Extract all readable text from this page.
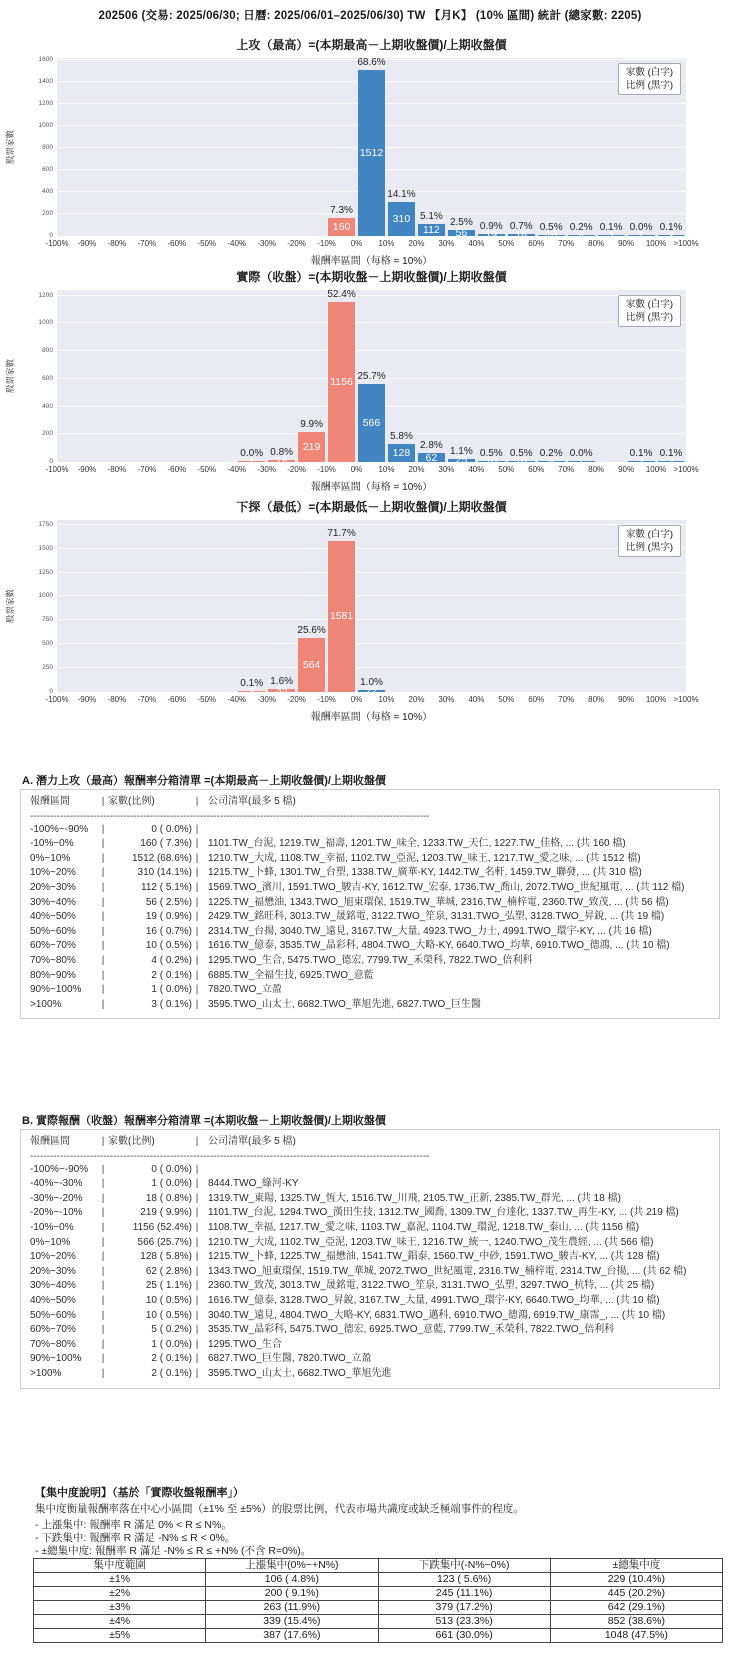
202506 (交易: 2025/06/30; 日曆: 2025/06/01–2025/06/30) TW 【月K】 (10% 區間) 統計 (總家數: 2205)
上攻（最高）=(本期最高－上期收盤價)/上期收盤價
股票家數
家數 (白字)
比例 (黑字)
0
200
400
600
800
1000
1200
1400
1600
160
7.3%
1512
68.6%
310
14.1%
112
5.1%
56
2.5%
19
0.9%
16
0.7%
10
0.5%
4
0.2%
2
0.1%
1
0.0%
3
0.1%
-100% -90% -80% -70% -60% -50% -40% -30% -20% -10% 0% 10% 20% 30% 40% 50% 60% 70% 80% 90% 100% >100%
報酬率區間（每格 = 10%）
實際（收盤）=(本期收盤－上期收盤價)/上期收盤價
股票家數
家數 (白字)
比例 (黑字)
0
200
400
600
800
1000
1200
1
0.0%
18
0.8% 219
9.9%
1156
52.4%
566
25.7%
128
5.8%
62
2.8%
25
1.1%
10
0.5%
10
0.5%
5
0.2%
1
0.0%
2
0.1%
2
0.1%
-100% -90% -80% -70% -60% -50% -40% -30% -20% -10% 0% 10% 20% 30% 40% 50% 60% 70% 80% 90% 100% >100%
報酬率區間（每格 = 10%）
下探（最低）=(本期最低－上期收盤價)/上期收盤價
股票家數
家數 (白字)
比例 (黑字)
0
250
500
750
1000
1250
1500
1750
3
0.1%
35
1.6%
564
25.6%
1581
71.7%
22
1.0%
-100% -90% -80% -70% -60% -50% -40% -30% -20% -10% 0% 10% 20% 30% 40% 50% 60% 70% 80% 90% 100% >100%
報酬率區間（每格 = 10%）
A. 潛力上攻（最高）報酬率分箱清單 =(本期最高－上期收盤價)/上期收盤價
報酬區間	| 家數(比例)	| 公司清單(最多 5 檔)
------------------------------------------------------------------------------------------------------------------------
-100%~-90%	|	0 ( 0.0%) |
-10%~0%	|	160 ( 7.3%) | 1101.TW_台泥, 1219.TW_福壽, 1201.TW_味全, 1233.TW_天仁, 1227.TW_佳格, ... (共 160 檔)
0%~10%	|	1512 (68.6%) | 1210.TW_大成, 1108.TW_幸福, 1102.TW_亞泥, 1203.TW_味王, 1217.TW_愛之味, ... (共 1512 檔)
10%~20%	|	310 (14.1%) | 1215.TW_卜蜂, 1301.TW_台塑, 1338.TW_廣華-KY, 1442.TW_名軒, 1459.TW_聯發, ... (共 310 檔)
20%~30%	|	112 ( 5.1%) | 1569.TWO_濱川, 1591.TWO_駿吉-KY, 1612.TW_宏泰, 1736.TW_喬山, 2072.TWO_世紀風電, ... (共 112 檔)
30%~40%	|	56 ( 2.5%) | 1225.TW_福懋油, 1343.TWO_旭東環保, 1519.TW_華城, 2316.TW_楠梓電, 2360.TW_致茂, ... (共 56 檔)
40%~50%	|	19 ( 0.9%) | 2429.TW_銘旺科, 3013.TW_晟銘電, 3122.TWO_笙泉, 3131.TWO_弘塑, 3128.TWO_昇銳, ... (共 19 檔)
50%~60%	|	16 ( 0.7%) | 2314.TW_台揚, 3040.TW_遠見, 3167.TW_大量, 4923.TWO_力士, 4991.TWO_環宇-KY, ... (共 16 檔)
60%~70%	|	10 ( 0.5%) | 1616.TW_億泰, 3535.TW_晶彩科, 4804.TWO_大略-KY, 6640.TWO_均華, 6910.TWO_德鴻, ... (共 10 檔)
70%~80%	|	4 ( 0.2%) | 1295.TWO_生合, 5475.TWO_德宏, 7799.TW_禾榮科, 7822.TWO_倍利科
80%~90%	|	2 ( 0.1%) | 6885.TW_全福生技, 6925.TWO_意藍
90%~100%	|	1 ( 0.0%) | 7820.TWO_立盈
>100%	|	3 ( 0.1%) | 3595.TWO_山太士, 6682.TWO_華旭先進, 6827.TWO_巨生醫
B. 實際報酬（收盤）報酬率分箱清單 =(本期收盤－上期收盤價)/上期收盤價
報酬區間	| 家數(比例)	| 公司清單(最多 5 檔)
------------------------------------------------------------------------------------------------------------------------
-100%~-90%	|	0 ( 0.0%) |
-40%~-30%	|	1 ( 0.0%) | 8444.TWO_綠河-KY
-30%~-20%	|	18 ( 0.8%) | 1319.TW_東陽, 1325.TW_恆大, 1516.TW_川飛, 2105.TW_正新, 2385.TW_群光, ... (共 18 檔)
-20%~-10%	|	219 ( 9.9%) | 1101.TW_台泥, 1294.TWO_漢田生技, 1312.TW_國喬, 1309.TW_台達化, 1337.TW_再生-KY, ... (共 219 檔)
-10%~0%	|	1156 (52.4%) | 1108.TW_幸福, 1217.TW_愛之味, 1103.TW_嘉泥, 1104.TW_環泥, 1218.TW_泰山, ... (共 1156 檔)
0%~10%	|	566 (25.7%) | 1210.TW_大成, 1102.TW_亞泥, 1203.TW_味王, 1216.TW_統一, 1240.TWO_茂生農經, ... (共 566 檔)
10%~20%	|	128 ( 5.8%) | 1215.TW_卜蜂, 1225.TW_福懋油, 1541.TW_錩泰, 1560.TW_中砂, 1591.TWO_駿吉-KY, ... (共 128 檔)
20%~30%	|	62 ( 2.8%) | 1343.TWO_旭東環保, 1519.TW_華城, 2072.TWO_世紀風電, 2316.TW_楠梓電, 2314.TW_台揚, ... (共 62 檔)
30%~40%	|	25 ( 1.1%) | 2360.TW_致茂, 3013.TW_晟銘電, 3122.TWO_笙泉, 3131.TWO_弘塑, 3297.TWO_杭特, ... (共 25 檔)
40%~50%	|	10 ( 0.5%) | 1616.TW_億泰, 3128.TWO_昇銳, 3167.TW_大量, 4991.TWO_環宇-KY, 6640.TWO_均華, ... (共 10 檔)
50%~60%	|	10 ( 0.5%) | 3040.TW_遠見, 4804.TWO_大略-KY, 6831.TWO_邁科, 6910.TWO_德鴻, 6919.TW_康霈_, ... (共 10 檔)
60%~70%	|	5 ( 0.2%) | 3535.TW_晶彩科, 5475.TWO_德宏, 6925.TWO_意藍, 7799.TW_禾榮科, 7822.TWO_倍利科
70%~80%	|	1 ( 0.0%) | 1295.TWO_生合
90%~100%	|	2 ( 0.1%) | 6827.TWO_巨生醫, 7820.TWO_立盈
>100%	|	2 ( 0.1%) | 3595.TWO_山太士, 6682.TWO_華旭先進
【集中度說明】（基於「實際收盤報酬率」）
集中度衡量報酬率落在中心小區間（±1% 至 ±5%）的股票比例，代表市場共識度或缺乏極端事件的程度。
- 上漲集中: 報酬率 R 滿足 0% < R ≤ N%。
- 下跌集中: 報酬率 R 滿足 -N% ≤ R < 0%。
- ±總集中度: 報酬率 R 滿足 -N% ≤ R ≤ +N% (不含 R=0%)。
集中度範圍	上漲集中(0%~+N%)	下跌集中(-N%~0%)	±總集中度
±1%	106 ( 4.8%)	123 ( 5.6%)	229 (10.4%)
±2%	200 ( 9.1%)	245 (11.1%)	445 (20.2%)
±3%	263 (11.9%)	379 (17.2%)	642 (29.1%)
±4%	339 (15.4%)	513 (23.3%)	852 (38.6%)
±5%	387 (17.6%)	661 (30.0%)	1048 (47.5%)
